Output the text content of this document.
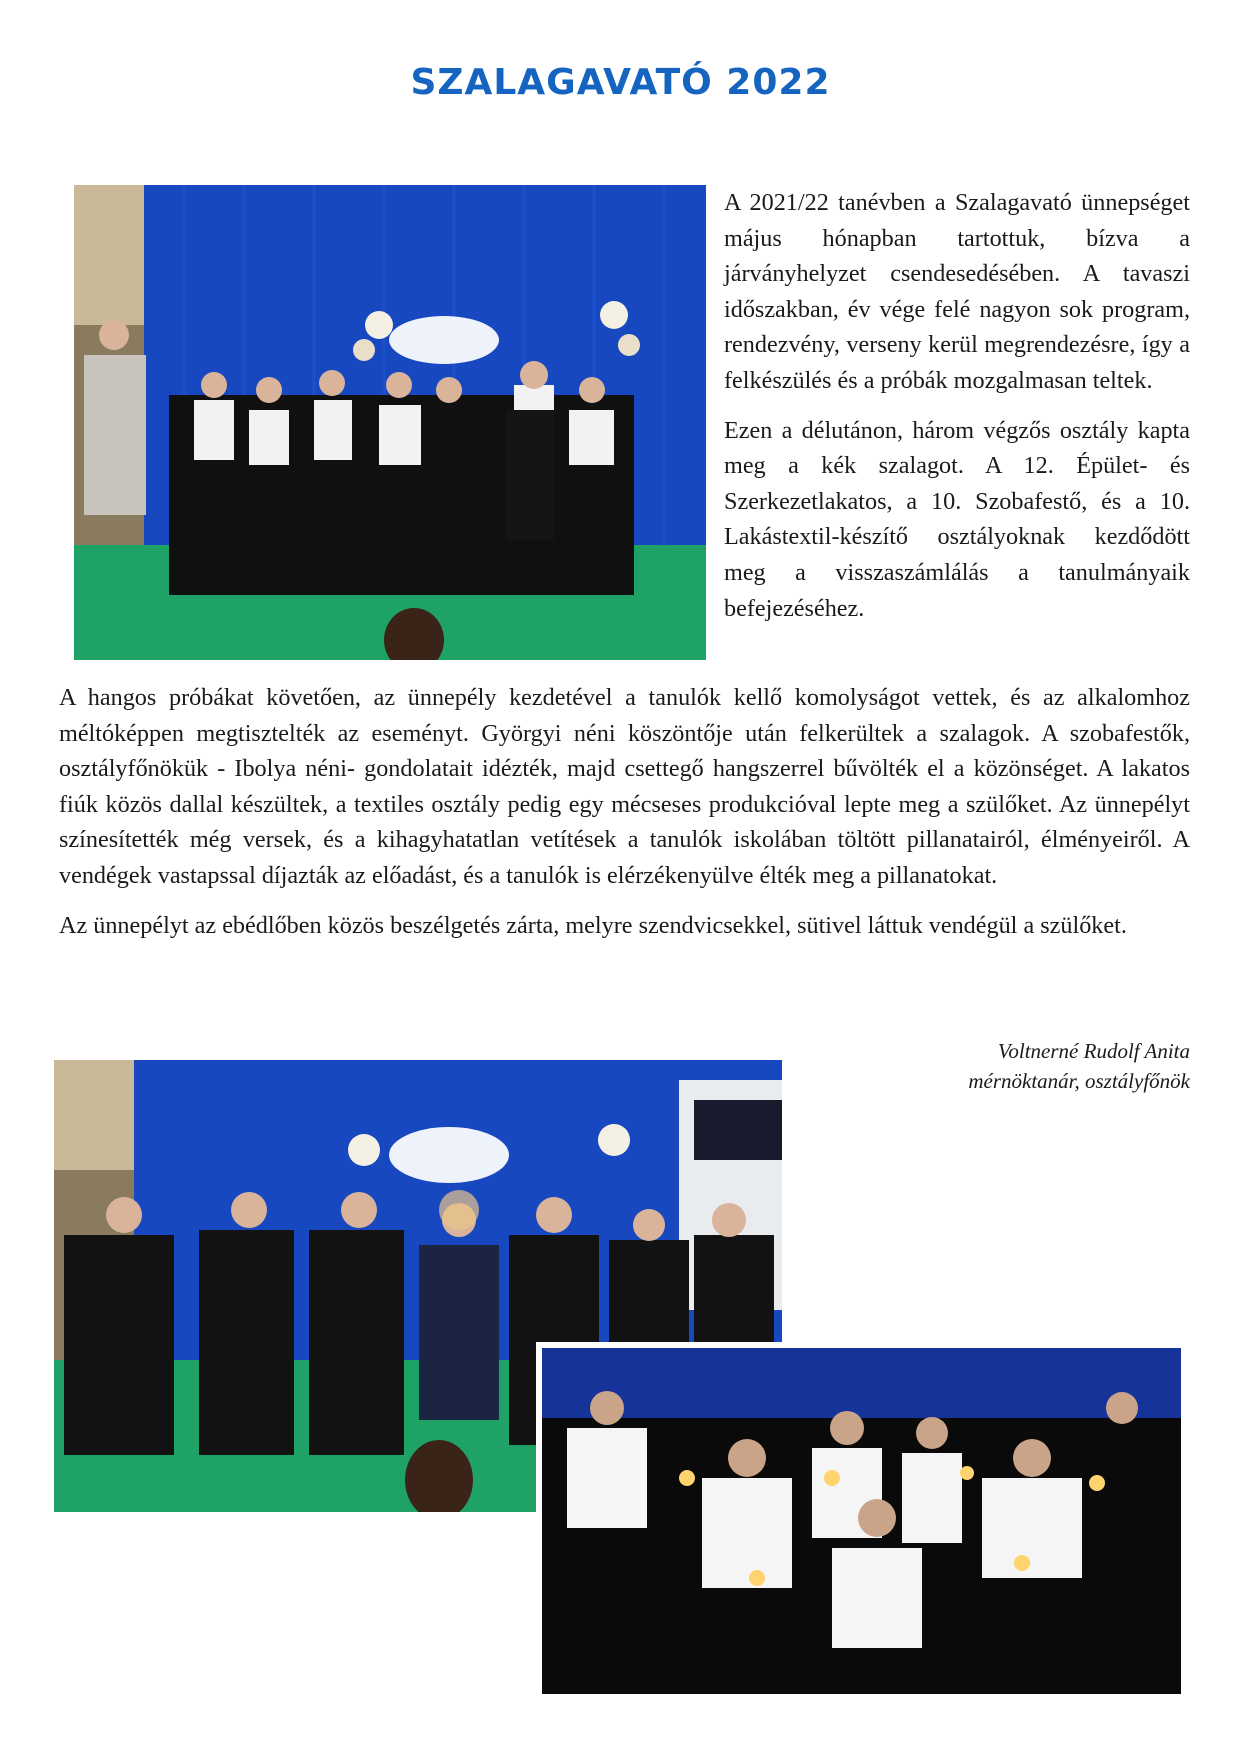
SZALAGAVATÓ 2022

A 2021/22 tanévben a Szalagavató ünnepséget május hónapban tartottuk, bízva a járványhelyzet csendesedésében. A tavaszi időszakban, év vége felé nagyon sok program, rendezvény, verseny kerül megrendezésre, így a felkészülés és a próbák mozgalmasan teltek.

Ezen a délutánon, három végzős osztály kapta meg a kék szalagot. A 12. Épület- és Szerkezetlakatos, a 10. Szobafestő, és a 10. Lakástextil-készítő osztályoknak kezdődött meg a visszaszámlálás a tanulmányaik befejezéséhez.

A hangos próbákat követően, az ünnepély kezdetével a tanulók kellő komolyságot vettek, és az alkalomhoz méltóképpen megtisztelték az eseményt. Györgyi néni köszöntője után felkerültek a szalagok. A szobafestők, osztályfőnökük - Ibolya néni- gondolatait idézték, majd csettegő hangszerrel bűvölték el a közönséget. A lakatos fiúk közös dallal készültek, a textiles osztály pedig egy mécseses produkcióval lepte meg a szülőket. Az ünnepélyt színesítették még versek, és a kihagyhatatlan vetítések a tanulók iskolában töltött pillanatairól, élményeiről. A vendégek vastapssal díjazták az előadást, és a tanulók is elérzékenyülve élték meg a pillanatokat.

Az ünnepélyt az ebédlőben közös beszélgetés zárta, melyre szendvicsekkel, sütivel láttuk vendégül a szülőket.

Voltnerné Rudolf Anita
mérnöktanár, osztályfőnök
